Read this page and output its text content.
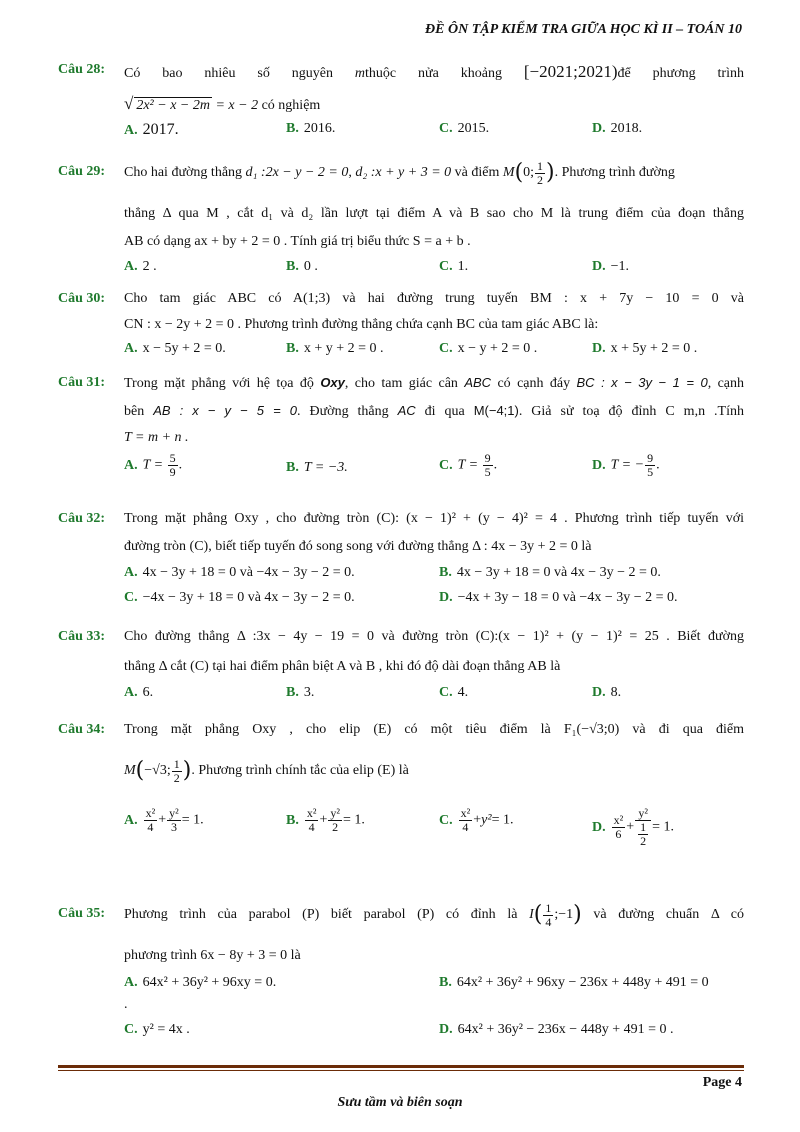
ĐỀ ÔN TẬP KIỂM TRA GIỮA HỌC KÌ II – TOÁN 10
Câu 28:	Có bao nhiêu số nguyên mthuộc nửa khoảng [−2021;2021)để phương trình
√ 2x² − x − 2m = x − 2 có nghiệm
A. 2017.	B. 2016.	C. 2015.	D. 2018.
Câu 29:	Cho hai đường thẳng d₁ :2x − y − 2 = 0, d₂ :x + y + 3 = 0 và điểm M(0; $\frac{1}{2}$ ). Phương trình đường
thẳng Δ qua M , cắt d₁ và d₂ lần lượt tại điểm A và B sao cho M là trung điểm của đoạn thẳng
AB có dạng ax + by + 2 = 0 . Tính giá trị biểu thức S = a + b .
A. 2 .	B. 0 .	C. 1.	D. −1.
Câu 30:	Cho tam giác ABC có A(1;3) và hai đường trung tuyến BM : x + 7y − 10 = 0 và
CN : x − 2y + 2 = 0 . Phương trình đường thẳng chứa cạnh BC của tam giác ABC là:
A. x − 5y + 2 = 0.	B. x + y + 2 = 0 .	C. x − y + 2 = 0 .	D. x + 5y + 2 = 0 .
Câu 31:	Trong mặt phẳng với hệ tọa độ Oxy, cho tam giác cân ABC có cạnh đáy BC : x − 3y − 1 = 0, cạnh
bên AB : x − y − 5 = 0. Đường thẳng AC đi qua M(−4;1). Giả sử toạ độ đỉnh C m,n .Tính
T = m + n .
A. $T = \frac{5}{9}$ .	B. T = −3.	C. $T = \frac{9}{5}$ .	D. T = − $\frac{9}{5}$ .
Câu 32:	Trong mặt phẳng Oxy , cho đường tròn (C): (x − 1)² + (y − 4)² = 4 . Phương trình tiếp tuyến với
đường tròn (C), biết tiếp tuyến đó song song với đường thẳng Δ : 4x − 3y + 2 = 0 là
A. 4x − 3y + 18 = 0 và −4x − 3y − 2 = 0.	B. 4x − 3y + 18 = 0 và 4x − 3y − 2 = 0.
C. −4x − 3y + 18 = 0 và 4x − 3y − 2 = 0.	D. −4x + 3y − 18 = 0 và −4x − 3y − 2 = 0.
Câu 33:	Cho đường thẳng Δ :3x − 4y − 19 = 0 và đường tròn (C):(x − 1)² + (y − 1)² = 25 . Biết đường
thẳng Δ cắt (C) tại hai điểm phân biệt A và B , khi đó độ dài đoạn thẳng AB là
A. 6.	B. 3.	C. 4.	D. 8.
Câu 34:	Trong mặt phẳng Oxy , cho elip (E) có một tiêu điểm là F₁(−√3;0) và đi qua điểm
M(−√3; $\frac{1}{2}$ ). Phương trình chính tắc của elip (E) là
A. $\frac{\text{x²}}{4} + \frac{\text{y²}}{3} = 1$.	B. $\frac{\text{x²}}{4} + \frac{\text{y²}}{2} = 1$.	C. $\frac{\text{x²}}{4} +y^2= 1$.	D. $\frac{\text{x²}}{6} + \frac{\text{y²}}{\frac{1}{2}} = 1$.
Câu 35:	Phương trình của parabol (P) biết parabol (P) có đỉnh là $I( \frac{1}{4}$ ;−1) và đường chuẩn Δ có
phương trình 6x − 8y + 3 = 0 là
A. 64x² + 36y² + 96xy = 0.	B. 64x² + 36y² + 96xy − 236x + 448y + 491 = 0
.
C. y² = 4x .	D. 64x² + 36y² − 236x − 448y + 491 = 0 .
Page 4
Sưu tầm và biên soạn
